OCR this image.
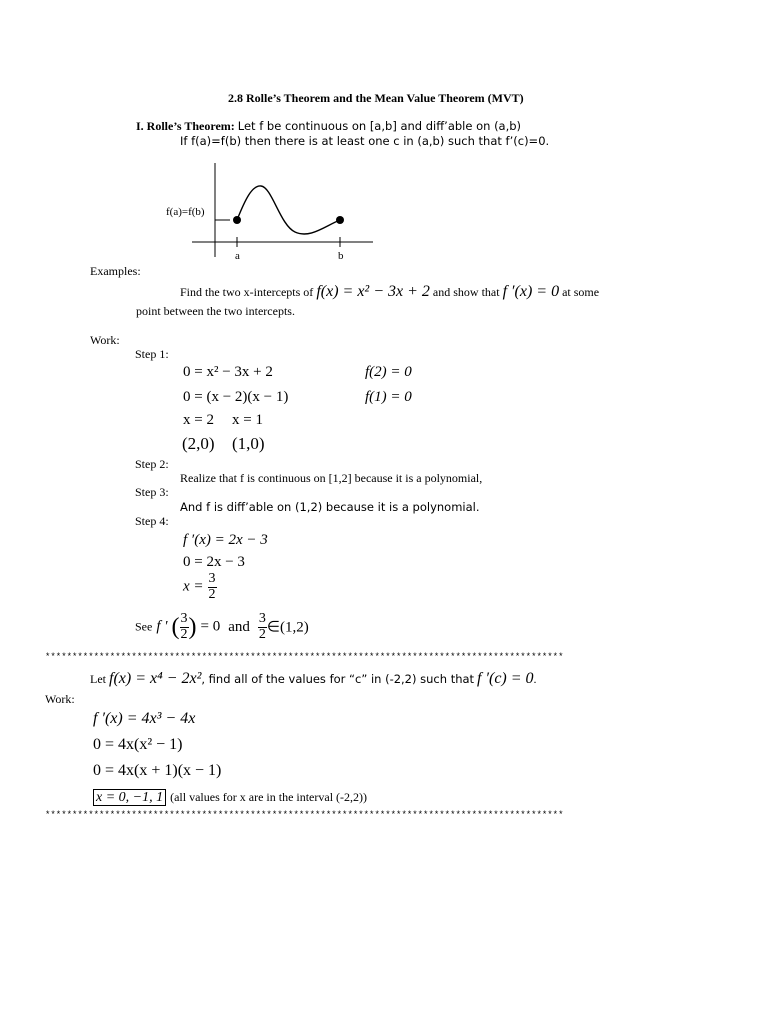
2.8 Rolle’s Theorem and the Mean Value Theorem (MVT)
I. Rolle’s Theorem: Let f be continuous on [a,b] and diff’able on (a,b)
If f(a)=f(b) then there is at least one c in (a,b) such that f’(c)=0.
f(a)=f(b)
a	b
Examples:
Find the two x-intercepts of f(x) = x² − 3x + 2 and show that f ′(x) = 0 at some
point between the two intercepts.
Work:
Step 1:
0 = x² − 3x + 2
0 = (x − 2)(x − 1)
x = 2 x = 1
(2,0) (1,0)
f(2) = 0
f(1) = 0
Step 2:
Realize that f is continuous on [1,2] because it is a polynomial,
Step 3:
And f is diff’able on (1,2) because it is a polynomial.
Step 4:
f ′(x) = 2x − 3
0 = 2x − 3
$x = \frac{3}{2}$
See f ′ ( $\frac{3}{2}$ ) = 0 and $\frac{3}{2}$ ∈(1,2)
************************************************************************************************
Let f(x) = x⁴ − 2x², find all of the values for “c” in (-2,2) such that f ′(c) = 0.
Work:
f ′(x) = 4x³ − 4x
0 = 4x(x² − 1)
0 = 4x(x + 1)(x − 1)
x = 0, −1, 1 (all values for x are in the interval (-2,2))
************************************************************************************************
